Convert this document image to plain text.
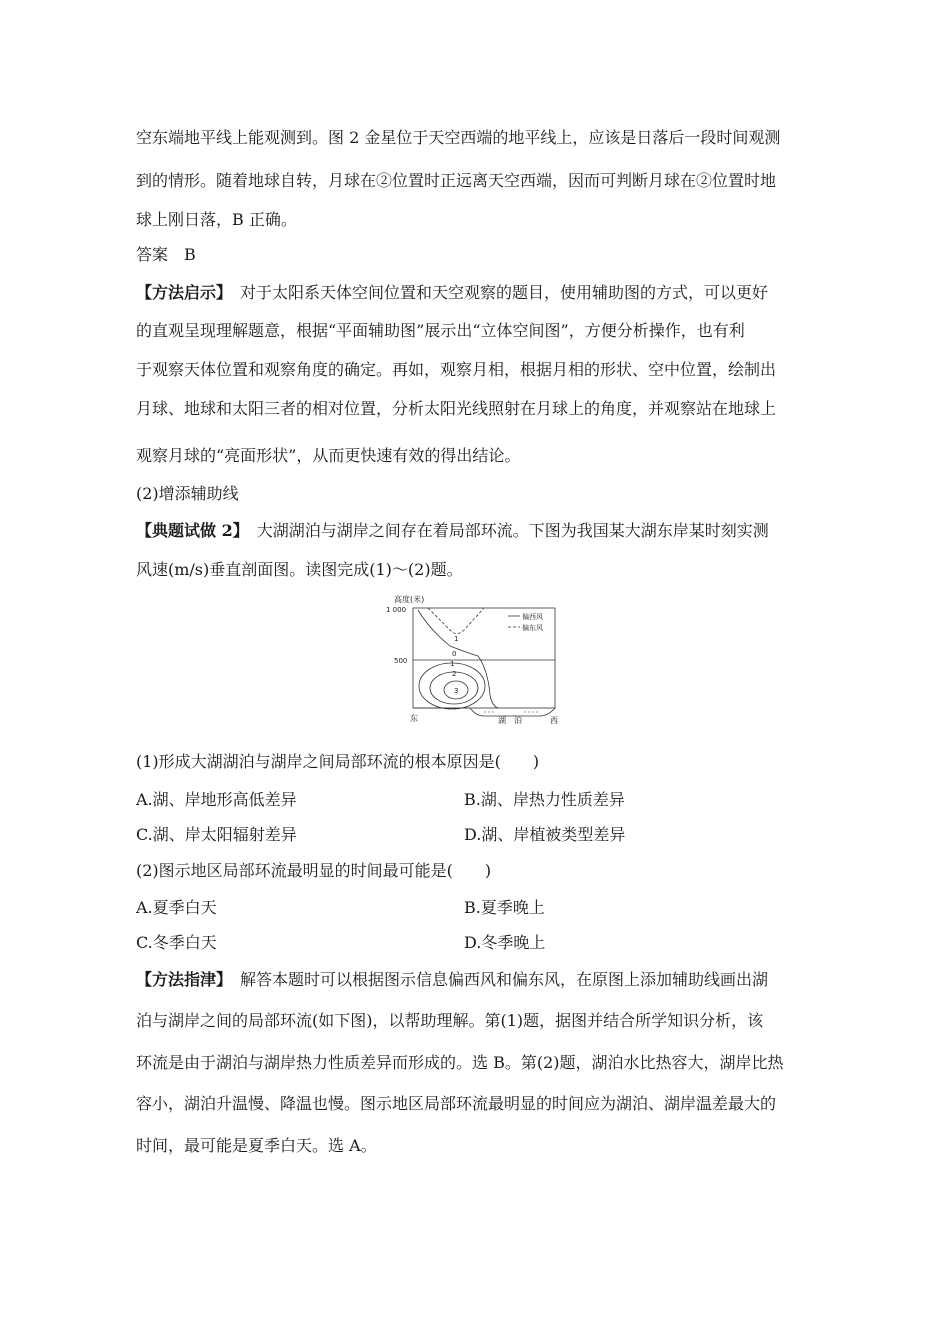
空东端地平线上能观测到。图 2 金星位于天空西端的地平线上，应该是日落后一段时间观测
到的情形。随着地球自转，月球在②位置时正远离天空西端，因而可判断月球在②位置时地
球上刚日落，B 正确。
答案　B
【方法启示】　对于太阳系天体空间位置和天空观察的题目，使用辅助图的方式，可以更好
的直观呈现理解题意，根据“平面辅助图”展示出“立体空间图”，方便分析操作，也有利
于观察天体位置和观察角度的确定。再如，观察月相，根据月相的形状、空中位置，绘制出
月球、地球和太阳三者的相对位置，分析太阳光线照射在月球上的角度，并观察站在地球上
观察月球的“亮面形状”，从而更快速有效的得出结论。
(2)增添辅助线
【典题试做 2】　大湖湖泊与湖岸之间存在着局部环流。下图为我国某大湖东岸某时刻实测
风速(m/s)垂直剖面图。读图完成(1)～(2)题。
高度(米)
1 000
500
偏西风
偏东风
1
0
1
2
3
东	湖　泊	西
(1)形成大湖湖泊与湖岸之间局部环流的根本原因是(　　)
A.湖、岸地形高低差异	B.湖、岸热力性质差异
C.湖、岸太阳辐射差异	D.湖、岸植被类型差异
(2)图示地区局部环流最明显的时间最可能是(　　)
A.夏季白天	B.夏季晚上
C.冬季白天	D.冬季晚上
【方法指津】　解答本题时可以根据图示信息偏西风和偏东风，在原图上添加辅助线画出湖
泊与湖岸之间的局部环流(如下图)，以帮助理解。第(1)题，据图并结合所学知识分析，该
环流是由于湖泊与湖岸热力性质差异而形成的。选 B。第(2)题，湖泊水比热容大，湖岸比热
容小，湖泊升温慢、降温也慢。图示地区局部环流最明显的时间应为湖泊、湖岸温差最大的
时间，最可能是夏季白天。选 A。
